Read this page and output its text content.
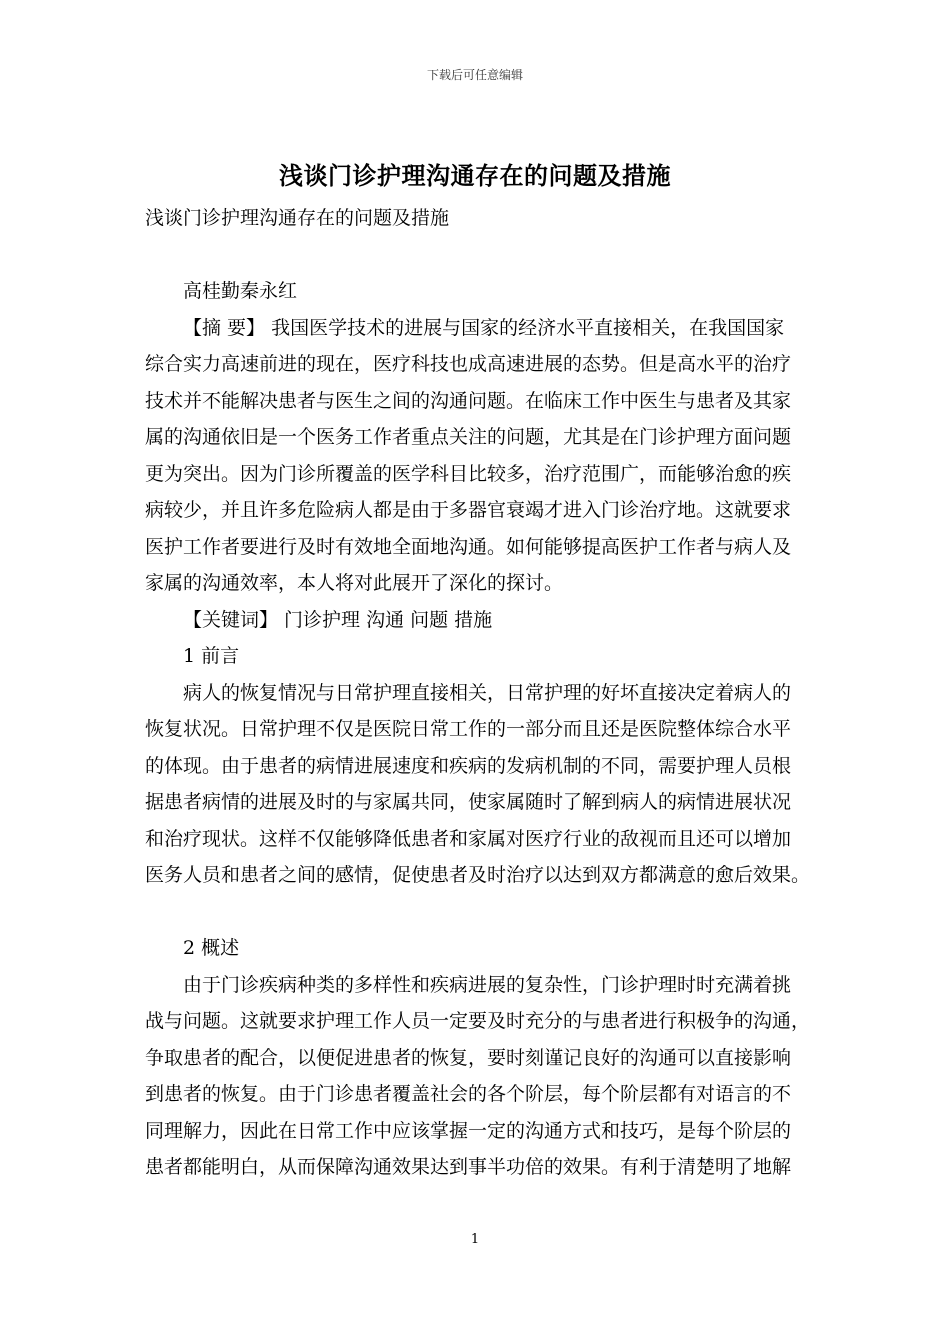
下载后可任意编辑
浅谈门诊护理沟通存在的问题及措施
浅谈门诊护理沟通存在的问题及措施
高桂勤秦永红
【摘 要】 我国医学技术的进展与国家的经济水平直接相关，在我国国家
综合实力高速前进的现在，医疗科技也成高速进展的态势。但是高水平的治疗
技术并不能解决患者与医生之间的沟通问题。在临床工作中医生与患者及其家
属的沟通依旧是一个医务工作者重点关注的问题，尤其是在门诊护理方面问题
更为突出。因为门诊所覆盖的医学科目比较多，治疗范围广，而能够治愈的疾
病较少，并且许多危险病人都是由于多器官衰竭才进入门诊治疗地。这就要求
医护工作者要进行及时有效地全面地沟通。如何能够提高医护工作者与病人及
家属的沟通效率，本人将对此展开了深化的探讨。
【关键词】 门诊护理 沟通 问题 措施
1 前言
病人的恢复情况与日常护理直接相关，日常护理的好坏直接决定着病人的
恢复状况。日常护理不仅是医院日常工作的一部分而且还是医院整体综合水平
的体现。由于患者的病情进展速度和疾病的发病机制的不同，需要护理人员根
据患者病情的进展及时的与家属共同，使家属随时了解到病人的病情进展状况
和治疗现状。这样不仅能够降低患者和家属对医疗行业的敌视而且还可以增加
医务人员和患者之间的感情，促使患者及时治疗以达到双方都满意的愈后效果。
2 概述
由于门诊疾病种类的多样性和疾病进展的复杂性，门诊护理时时充满着挑
战与问题。这就要求护理工作人员一定要及时充分的与患者进行积极争的沟通，
争取患者的配合，以便促进患者的恢复，要时刻谨记良好的沟通可以直接影响
到患者的恢复。由于门诊患者覆盖社会的各个阶层，每个阶层都有对语言的不
同理解力，因此在日常工作中应该掌握一定的沟通方式和技巧，是每个阶层的
患者都能明白，从而保障沟通效果达到事半功倍的效果。有利于清楚明了地解
1
